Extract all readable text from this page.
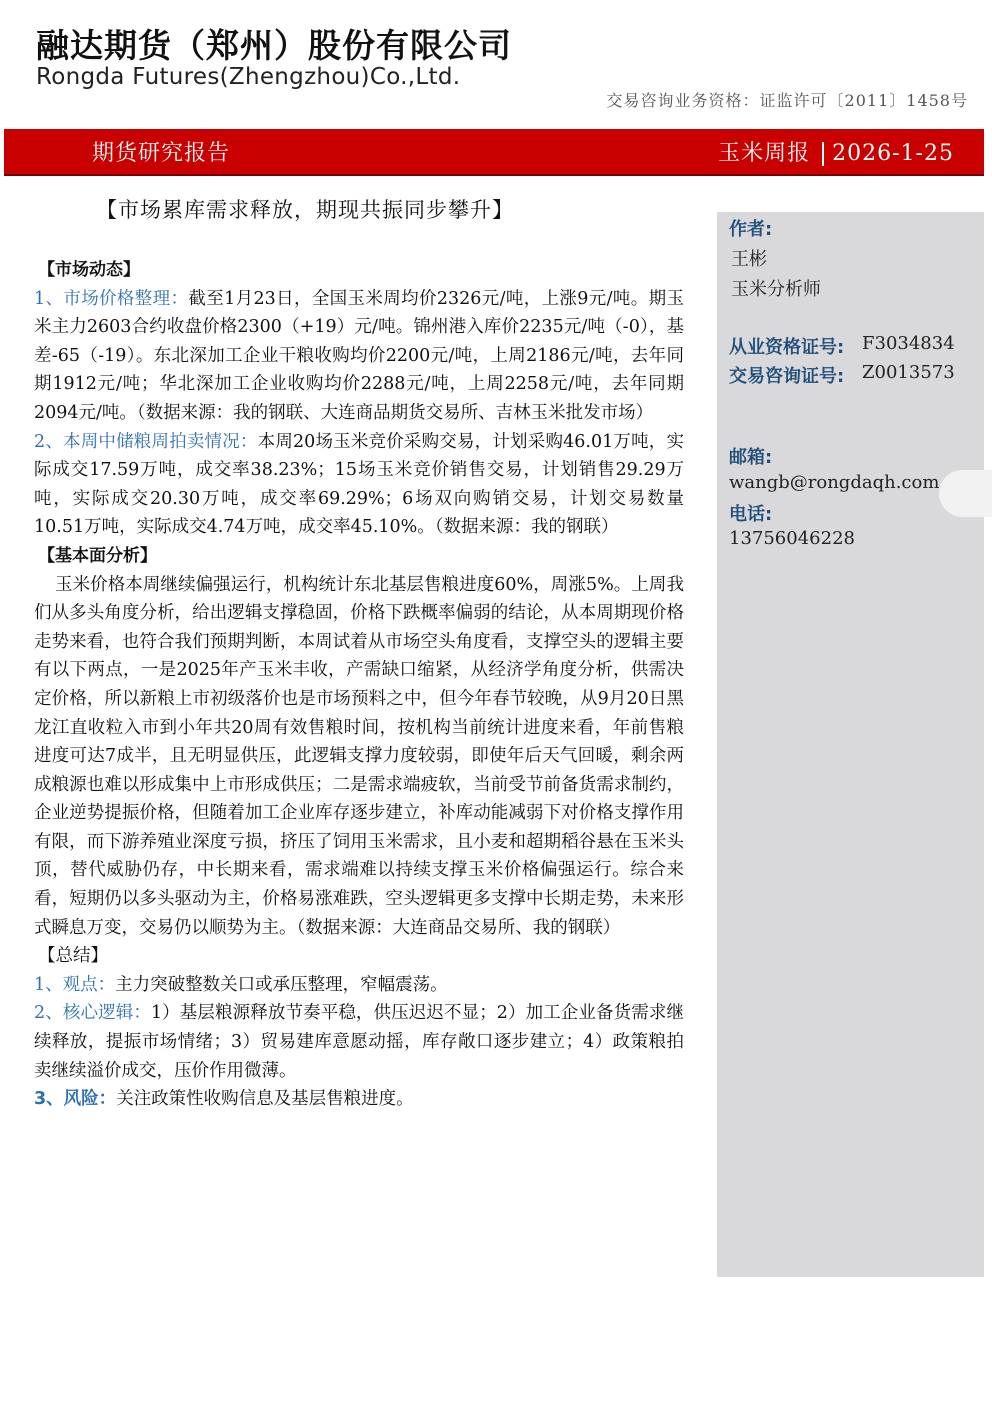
融达期货（郑州）股份有限公司
Rongda Futures(Zhengzhou)Co.,Ltd.
交易咨询业务资格：证监许可〔2011〕1458号
期货研究报告	玉米周报 2026-1-25
【市场累库需求释放，期现共振同步攀升】
作者:
王彬
玉米分析师
从业资格证号: F3034834
交易咨询证号: Z0013573
邮箱:
wangb@rongdaqh.com
电话:
13756046228

【市场动态】

1、市场价格整理：截至1月23日，全国玉米周均价2326元/吨，上涨9元/吨。期玉米主力2603合约收盘价格2300（+19）元/吨。锦州港入库价2235元/吨（-0），基差-65（-19）。东北深加工企业干粮收购均价2200元/吨，上周2186元/吨，去年同期1912元/吨；华北深加工企业收购均价2288元/吨，上周2258元/吨，去年同期2094元/吨。（数据来源：我的钢联、大连商品期货交易所、吉林玉米批发市场）

2、本周中储粮周拍卖情况：本周20场玉米竞价采购交易，计划采购46.01万吨，实际成交17.59万吨，成交率38.23%；15场玉米竞价销售交易，计划销售29.29万吨，实际成交20.30万吨，成交率69.29%；6场双向购销交易，计划交易数量10.51万吨，实际成交4.74万吨，成交率45.10%。（数据来源：我的钢联）

【基本面分析】

玉米价格本周继续偏强运行，机构统计东北基层售粮进度60%，周涨5%。上周我们从多头角度分析，给出逻辑支撑稳固，价格下跌概率偏弱的结论，从本周期现价格走势来看，也符合我们预期判断，本周试着从市场空头角度看，支撑空头的逻辑主要有以下两点，一是2025年产玉米丰收，产需缺口缩紧，从经济学角度分析，供需决定价格，所以新粮上市初级落价也是市场预料之中，但今年春节较晚，从9月20日黑龙江直收粒入市到小年共20周有效售粮时间，按机构当前统计进度来看，年前售粮进度可达7成半，且无明显供压，此逻辑支撑力度较弱，即使年后天气回暖，剩余两成粮源也难以形成集中上市形成供压；二是需求端疲软，当前受节前备货需求制约，企业逆势提振价格，但随着加工企业库存逐步建立，补库动能减弱下对价格支撑作用有限，而下游养殖业深度亏损，挤压了饲用玉米需求，且小麦和超期稻谷悬在玉米头顶，替代威胁仍存，中长期来看，需求端难以持续支撑玉米价格偏强运行。综合来看，短期仍以多头驱动为主，价格易涨难跌，空头逻辑更多支撑中长期走势，未来形式瞬息万变，交易仍以顺势为主。（数据来源：大连商品交易所、我的钢联）

【总结】

1、观点：主力突破整数关口或承压整理，窄幅震荡。

2、核心逻辑：1）基层粮源释放节奏平稳，供压迟迟不显；2）加工企业备货需求继续释放，提振市场情绪；3）贸易建库意愿动摇，库存敞口逐步建立；4）政策粮拍卖继续溢价成交，压价作用微薄。

3、风险：关注政策性收购信息及基层售粮进度。
